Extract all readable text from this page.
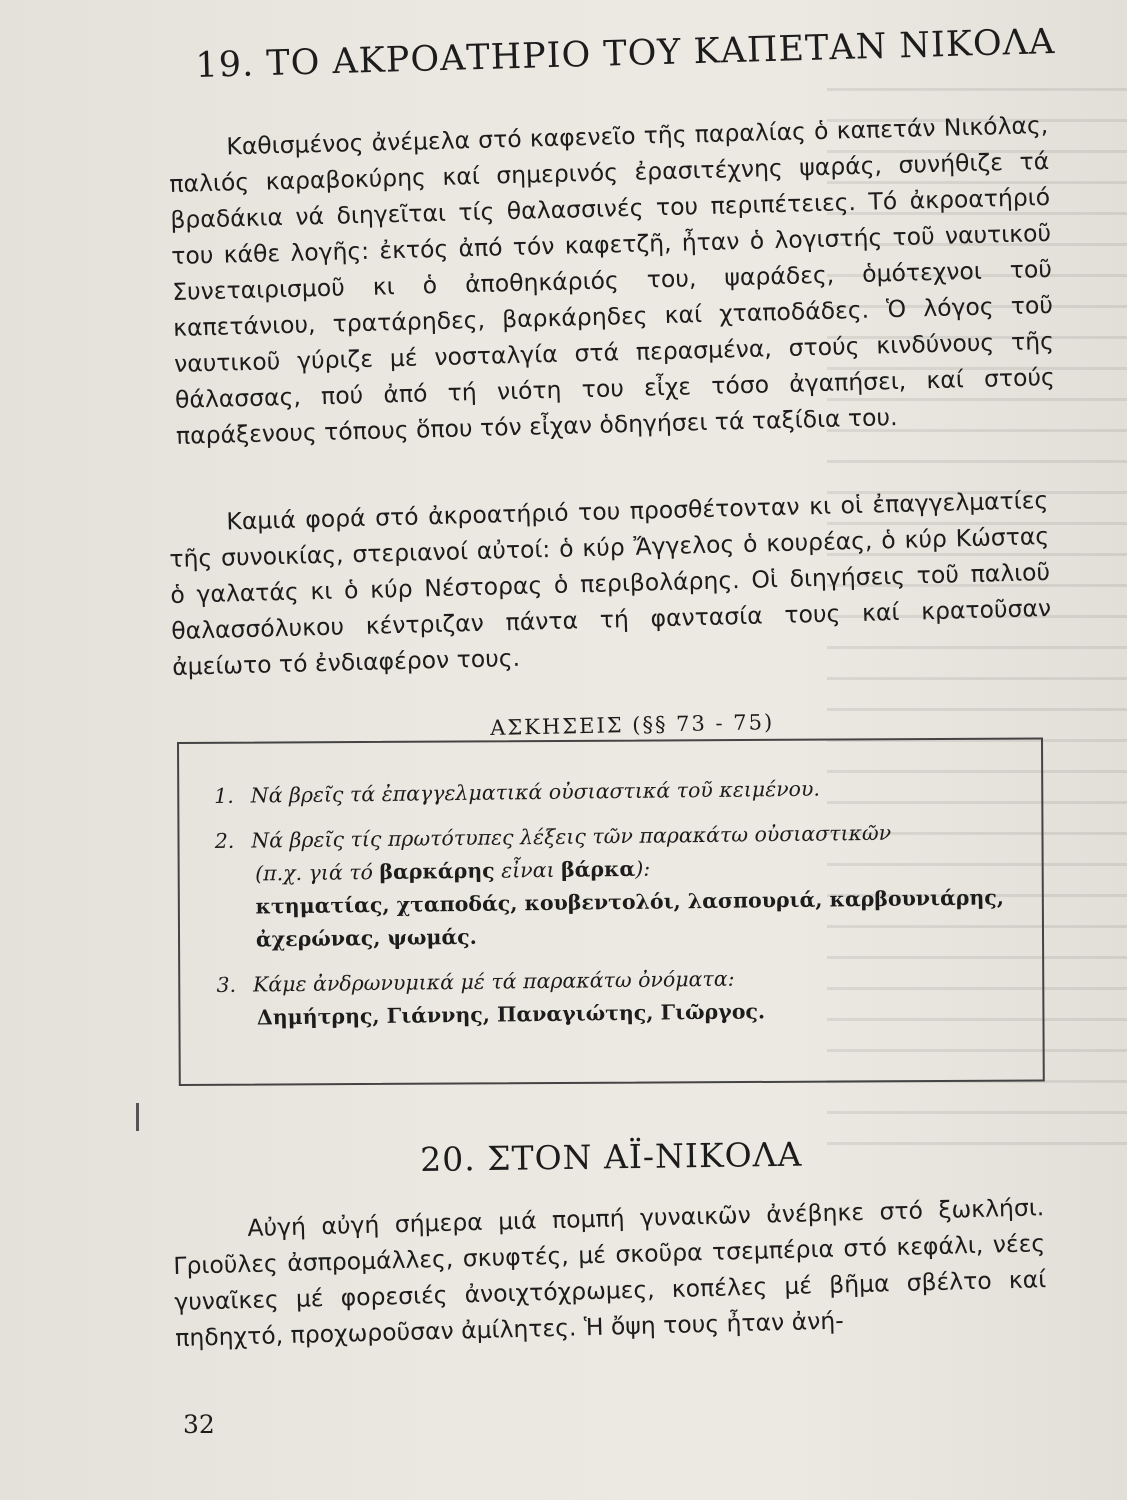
19. ΤΟ ΑΚΡΟΑΤΗΡΙΟ ΤΟΥ ΚΑΠΕΤΑΝ ΝΙΚΟΛΑ

Καθισμένος ἀνέμελα στό καφενεῖο τῆς παραλίας ὁ καπετάν Νικόλας, παλιός καραβοκύρης καί σημερινός ἐρασιτέχνης ψαράς, συνήθιζε τά βραδάκια νά διηγεῖται τίς θαλασσινές του περιπέτειες. Τό ἀκροατήριό του κάθε λογῆς: ἐκτός ἀπό τόν καφετζῆ, ἦταν ὁ λογιστής τοῦ ναυτικοῦ Συνεταιρισμοῦ κι ὁ ἀποθηκάριός του, ψαράδες, ὁμότεχνοι τοῦ καπετάνιου, τρατάρηδες, βαρκάρηδες καί χταποδάδες. Ὁ λόγος τοῦ ναυτικοῦ γύριζε μέ νοσταλγία στά περασμένα, στούς κινδύνους τῆς θάλασσας, πού ἀπό τή νιότη του εἶχε τόσο ἀγαπήσει, καί στούς παράξενους τόπους ὅπου τόν εἶχαν ὁδηγήσει τά ταξίδια του.

Καμιά φορά στό ἀκροατήριό του προσθέτονταν κι οἱ ἐπαγγελματίες τῆς συνοικίας, στεριανοί αὐτοί: ὁ κύρ Ἄγγελος ὁ κουρέας, ὁ κύρ Κώστας ὁ γαλατάς κι ὁ κύρ Νέστορας ὁ περιβολάρης. Οἱ διηγήσεις τοῦ παλιοῦ θαλασσόλυκου κέντριζαν πάντα τή φαντασία τους καί κρατοῦσαν ἀμείωτο τό ἐνδιαφέρον τους.

ΑΣΚΗΣΕΙΣ (§§ 73 - 75)
1. Νά βρεῖς τά ἐπαγγελματικά οὐσιαστικά τοῦ κειμένου.
2. Νά βρεῖς τίς πρωτότυπες λέξεις τῶν παρακάτω οὐσιαστικῶν
(π.χ. γιά τό βαρκάρης εἶναι βάρκα):
κτηματίας, χταποδάς, κουβεντολόι, λασπουριά, καρβουνιάρης, ἀχερώνας, ψωμάς.
3. Κάμε ἀνδρωνυμικά μέ τά παρακάτω ὀνόματα:
Δημήτρης, Γιάννης, Παναγιώτης, Γιῶργος.
20. ΣΤΟΝ ΑΪ-ΝΙΚΟΛΑ

Αὐγή αὐγή σήμερα μιά πομπή γυναικῶν ἀνέβηκε στό ξωκλήσι. Γριοῦλες ἀσπρομάλλες, σκυφτές, μέ σκοῦρα τσεμπέρια στό κεφάλι, νέες γυναῖκες μέ φορεσιές ἀνοιχτόχρωμες, κοπέλες μέ βῆμα σβέλτο καί πηδηχτό, προχωροῦσαν ἀμίλητες. Ἡ ὄψη τους ἦταν ἀνή-

32
